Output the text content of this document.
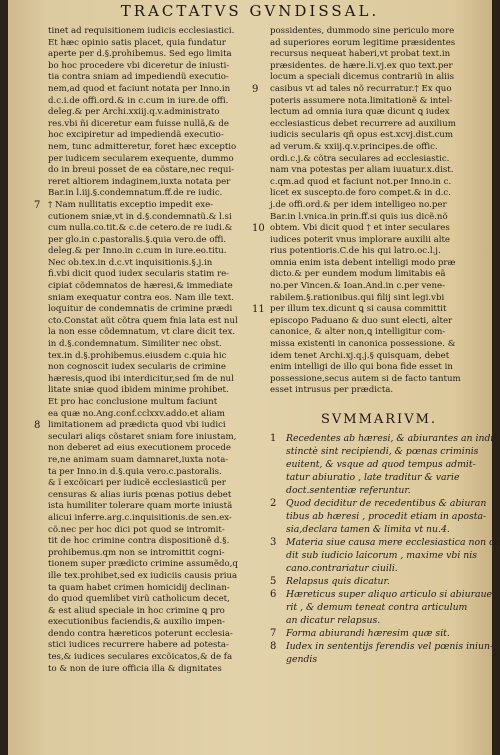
TRACTATVS GVNDISSAL.
tinet ad requisitionem iudicis ecclesiastici.
Et hæc opinio satis placet, quia fundatur
aperte per d.§.prohibemus. Sed ego limita
bo hoc procedere vbi diceretur de iniusti-
tia contra sniam ad impediendũ executio-
nem,ad quod et faciunt notata per Inno.in
d.c.i.de offi.ord.& in c.cum in iure.de offi.
deleg.& per Archi.xxiij.q.v.administrato
res.vbi ñi diceretur eam fuisse nullã,& de
hoc excipiretur ad impediendã executio-
nem, tunc admitteretur, foret hæc exceptio
per iudicem secularem exequente, dummo
do in breui posset de ea cõstare,nec requi-
reret altiorem indaginem,iuxta notata per
Bar.in l.iij.§.condemnatum.ff.de re iudic.
† Nam nullitatis exceptio impedit exe-
7
cutionem sniæ,vt in d.§.condemnatũ.& l.si
cum nulla.co.tit.& c.de cetero.de re iudi.&
per glo.in c.pastoralis.§.quia vero.de offi.
deleg.& per Inno.in c.cum in iure.eo.titu.
Nec ob.tex.in d.c.vt inquisitionis.§.j.in
fi.vbi dicit quod iudex secularis statim re-
cipiat cõdemnatos de hæresi,& immediate
sniam exequatur contra eos. Nam ille text.
loquitur de condemnatis de crimine prædi
cto.Constat aũt cõtra quem fnia lata est nul
la non esse cõdemnatum, vt clare dicit tex.
in d.§.condemnatum. Similiter nec obst.
tex.in d.§.prohibemus.eiusdem c.quia hic
non cognoscit iudex secularis de crimine
hæresis,quod ibi interdicitur,sed ſm de nul
litate sniæ quod ibidem minime prohibet.
Et pro hac conclusione multum faciunt
ea quæ no.Ang.conf.cclxxv.addo.et aliam
limitationem ad prædicta quod vbi iudici
8
seculari aliqs cõstaret sniam fore iniustam,
non deberet ad eius executionem procede
re,ne animam suam damnaret,iuxta nota-
ta per Inno.in d.§.quia vero.c.pastoralis.
& ĩ excõicari per iudicẽ ecclesiasticũ per
censuras & alias iuris pœnas potius debet
ista humiliter tolerare quam morte iniustã
alicui inferre.arg.c.inquisitionis.de sen.ex-
cõ.nec per hoc dici pot quod se intromit-
tit de hoc crimine contra dispositionẽ d.§.
prohibemus.qm non se intromittit cogni-
tionem super prædicto crimine assumẽdo,q
ille tex.prohibet,sed ex iudiciis causis priua
ta quam habet crimen homicidij declinan-
do quod quemlibet virũ catholicum decet,
& est aliud speciale in hoc crimine ꝗ pro
executionibus faciendis,& auxilio impen-
dendo contra hæreticos poterunt ecclesia-
stici iudices recurrere habere ad potesta-
tes,& iudices seculares excõicatos,& de fa
to & non de iure officia illa & dignitates
possidentes, dummodo sine periculo more
ad superiores eorum legitime præsidentes
recursus nequeat haberi,vt probat text.in
præsidentes. de hære.li.vj.ex quo text.per
locum a speciali dicemus contrariũ in aliis
casibus vt ad tales nõ recurratur.† Ex quo
9
poteris assumere nota.limitationẽ & intel-
lectum ad omnia iura quæ dicunt ꝗ iudex
ecclesiasticus debet recurrere ad auxilium
iudicis secularis qñ opus est.xcvj.dist.cum
ad verum.& xxiij.q.v.principes.de offic.
ordi.c.j.& cõtra seculares ad ecclesiastic.
nam vna potestas per aliam iuuatur.x.dist.
c.qm.ad quod et faciunt not.per Inno.in c.
licet ex suscepto.de foro compet.& in d.c.
j.de offi.ord.& per idem intelligeo no.per
Bar.in l.vnica.in prin.ff.si quis ius dicẽ.nõ
obtem. Vbi dicit quod † et inter seculares
10
iudices poterit vnus implorare auxilii alte
rius potentioris.C.de his qui latro.oc.l.j.
omnia enim ista debent intelligi modo præ
dicto.& per eundem modum limitabis eã
no.per Vincen.& Ioan.And.in c.per vene-
rabilem.§.rationibus.qui filij sint legi.vbi
per illum tex.dicunt ꝗ si causa committit
11
episcopo Paduano & duo sunt electi, alter
canonice, & alter non,ꝗ intelligitur com-
missa existenti in canonica possessione. &
idem tenet Archi.xj.q.j.§ quisquam, debet
enim intelligi de illo qui bona fide esset in
possessione,secus autem si de facto tantum
esset intrusus per prædicta.
SVMMARIVM.
Recedentes ab hæresi, & abiurantes an indi
1
stinctè sint recipiendi, & pœnas criminis
euitent, & vsque ad quod tempus admit-
tatur abiuratio , late traditur & varie
doct.sententiæ referuntur.
Quod deciditur de recedentibus & abiuran
2
tibus ab hæresi , procedit etiam in aposta-
sia,declara tamen & limita vt nu.4.
Materia siue causa mere ecclesiastica non ca
3
dit sub iudicio laicorum , maxime vbi nis
cano.contrariatur ciuili.
Relapsus quis dicatur.
5
Hæreticus super aliquo articulo si abiuraue
6
rit , & demum teneat contra articulum
an dicatur relapsus.
Forma abiurandi hæresim quæ sit.
7
Iudex in sententijs ferendis vel pœnis iniun-
8
gendis
